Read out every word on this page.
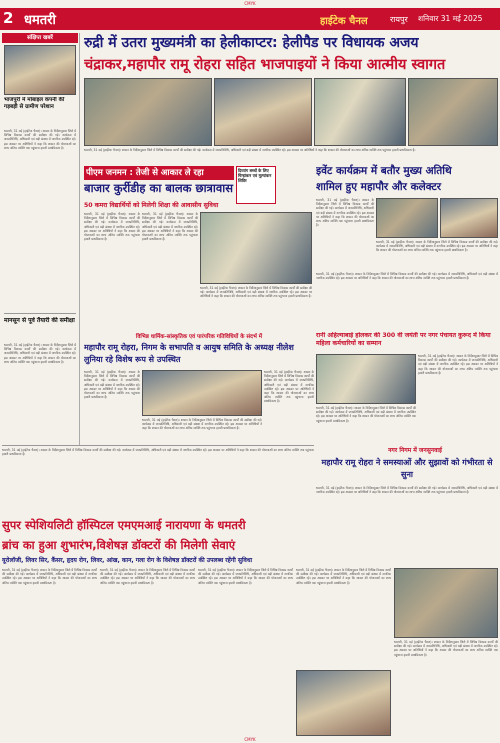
CMYK
2 धमतरी	हाईटेक चैनल	रायपुर	शनिवार 31 मई 2025
संक्षिप्त खबरें
भाजपुरी में मोबाइल कंपनी की गड़बड़ी से ग्रामीण परेशान
धमतरी, 31 मई (हाईटेक चैनल)। शासन के निर्देशानुसार जिले में विभिन्न विकास कार्यों की समीक्षा की गई। कार्यक्रम में जनप्रतिनिधि, अधिकारी एवं बड़ी संख्या में नागरिक उपस्थित रहे। इस अवसर पर अतिथियों ने कहा कि शासन की योजनाओं का लाभ अंतिम व्यक्ति तक पहुंचाना हमारी प्राथमिकता है।
मानसून से पूर्व तैयारी की समीक्षा
धमतरी, 31 मई (हाईटेक चैनल)। शासन के निर्देशानुसार जिले में विभिन्न विकास कार्यों की समीक्षा की गई। कार्यक्रम में जनप्रतिनिधि, अधिकारी एवं बड़ी संख्या में नागरिक उपस्थित रहे। इस अवसर पर अतिथियों ने कहा कि शासन की योजनाओं का लाभ अंतिम व्यक्ति तक पहुंचाना हमारी प्राथमिकता है।
रुद्री में उतरा मुख्यमंत्री का हेलीकाप्टर: हेलीपैड पर विधायक अजय
चंद्राकर,महापौर रामू रोहरा सहित भाजपाइयों ने किया आत्मीय स्वागत
धमतरी, 31 मई (हाईटेक चैनल)। शासन के निर्देशानुसार जिले में विभिन्न विकास कार्यों की समीक्षा की गई। कार्यक्रम में जनप्रतिनिधि, अधिकारी एवं बड़ी संख्या में नागरिक उपस्थित रहे। इस अवसर पर अतिथियों ने कहा कि शासन की योजनाओं का लाभ अंतिम व्यक्ति तक पहुंचाना हमारी प्राथमिकता है।
पीएम जनमन : तेजी से आकार ले रहा
बाजार कुर्रीडीह का बालक छात्रावास
50 कमरा विद्यार्थियों को मिलेगी शिक्षा की आवासीय सुविधा
धमतरी, 31 मई (हाईटेक चैनल)। शासन के निर्देशानुसार जिले में विभिन्न विकास कार्यों की समीक्षा की गई। कार्यक्रम में जनप्रतिनिधि, अधिकारी एवं बड़ी संख्या में नागरिक उपस्थित रहे। इस अवसर पर अतिथियों ने कहा कि शासन की योजनाओं का लाभ अंतिम व्यक्ति तक पहुंचाना हमारी प्राथमिकता है।
धमतरी, 31 मई (हाईटेक चैनल)। शासन के निर्देशानुसार जिले में विभिन्न विकास कार्यों की समीक्षा की गई। कार्यक्रम में जनप्रतिनिधि, अधिकारी एवं बड़ी संख्या में नागरिक उपस्थित रहे। इस अवसर पर अतिथियों ने कहा कि शासन की योजनाओं का लाभ अंतिम व्यक्ति तक पहुंचाना हमारी प्राथमिकता है।
धमतरी, 31 मई (हाईटेक चैनल)। शासन के निर्देशानुसार जिले में विभिन्न विकास कार्यों की समीक्षा की गई। कार्यक्रम में जनप्रतिनिधि, अधिकारी एवं बड़ी संख्या में नागरिक उपस्थित रहे। इस अवसर पर अतिथियों ने कहा कि शासन की योजनाओं का लाभ अंतिम व्यक्ति तक पहुंचाना हमारी प्राथमिकता है।
दिव्यांग बच्चों के लिए चिन्हांकन एवं मूल्यांकन शिविर
इवेंट कार्यक्रम में बतौर मुख्य अतिथि
शामिल हुए महापौर और कलेक्टर
धमतरी, 31 मई (हाईटेक चैनल)। शासन के निर्देशानुसार जिले में विभिन्न विकास कार्यों की समीक्षा की गई। कार्यक्रम में जनप्रतिनिधि, अधिकारी एवं बड़ी संख्या में नागरिक उपस्थित रहे। इस अवसर पर अतिथियों ने कहा कि शासन की योजनाओं का लाभ अंतिम व्यक्ति तक पहुंचाना हमारी प्राथमिकता है।
धमतरी, 31 मई (हाईटेक चैनल)। शासन के निर्देशानुसार जिले में विभिन्न विकास कार्यों की समीक्षा की गई। कार्यक्रम में जनप्रतिनिधि, अधिकारी एवं बड़ी संख्या में नागरिक उपस्थित रहे। इस अवसर पर अतिथियों ने कहा कि शासन की योजनाओं का लाभ अंतिम व्यक्ति तक पहुंचाना हमारी प्राथमिकता है।
धमतरी, 31 मई (हाईटेक चैनल)। शासन के निर्देशानुसार जिले में विभिन्न विकास कार्यों की समीक्षा की गई। कार्यक्रम में जनप्रतिनिधि, अधिकारी एवं बड़ी संख्या में नागरिक उपस्थित रहे। इस अवसर पर अतिथियों ने कहा कि शासन की योजनाओं का लाभ अंतिम व्यक्ति तक पहुंचाना हमारी प्राथमिकता है।
विभिन्न धार्मिक-सांस्कृतिक एवं पारंपरिक गतिविधियों के संदर्भ में
महापौर रामू रोहरा, निगम के सभापति व आयुष समिति के अध्यक्ष नीलेश लुनिया रहे विशेष रूप से उपस्थित
धमतरी, 31 मई (हाईटेक चैनल)। शासन के निर्देशानुसार जिले में विभिन्न विकास कार्यों की समीक्षा की गई। कार्यक्रम में जनप्रतिनिधि, अधिकारी एवं बड़ी संख्या में नागरिक उपस्थित रहे। इस अवसर पर अतिथियों ने कहा कि शासन की योजनाओं का लाभ अंतिम व्यक्ति तक पहुंचाना हमारी प्राथमिकता है।
धमतरी, 31 मई (हाईटेक चैनल)। शासन के निर्देशानुसार जिले में विभिन्न विकास कार्यों की समीक्षा की गई। कार्यक्रम में जनप्रतिनिधि, अधिकारी एवं बड़ी संख्या में नागरिक उपस्थित रहे। इस अवसर पर अतिथियों ने कहा कि शासन की योजनाओं का लाभ अंतिम व्यक्ति तक पहुंचाना हमारी प्राथमिकता है।
धमतरी, 31 मई (हाईटेक चैनल)। शासन के निर्देशानुसार जिले में विभिन्न विकास कार्यों की समीक्षा की गई। कार्यक्रम में जनप्रतिनिधि, अधिकारी एवं बड़ी संख्या में नागरिक उपस्थित रहे। इस अवसर पर अतिथियों ने कहा कि शासन की योजनाओं का लाभ अंतिम व्यक्ति तक पहुंचाना हमारी प्राथमिकता है।
रानी अहिल्याबाई होलकर की 300 वी जयंती पर नगर पंचायत कुरूद में किया महिला कर्मचारियों का सम्मान
धमतरी, 31 मई (हाईटेक चैनल)। शासन के निर्देशानुसार जिले में विभिन्न विकास कार्यों की समीक्षा की गई। कार्यक्रम में जनप्रतिनिधि, अधिकारी एवं बड़ी संख्या में नागरिक उपस्थित रहे। इस अवसर पर अतिथियों ने कहा कि शासन की योजनाओं का लाभ अंतिम व्यक्ति तक पहुंचाना हमारी प्राथमिकता है।
धमतरी, 31 मई (हाईटेक चैनल)। शासन के निर्देशानुसार जिले में विभिन्न विकास कार्यों की समीक्षा की गई। कार्यक्रम में जनप्रतिनिधि, अधिकारी एवं बड़ी संख्या में नागरिक उपस्थित रहे। इस अवसर पर अतिथियों ने कहा कि शासन की योजनाओं का लाभ अंतिम व्यक्ति तक पहुंचाना हमारी प्राथमिकता है।
नगर निगम में जनसुनवाई
महापौर रामू रोहरा ने समस्याओं और सुझावों को गंभीरता से सुना
सुपर स्पेशियलिटी हॉस्पिटल एमएमआई नारायणा के धमतरी
ब्रांच का हुआ शुभारंभ,विशेषज्ञ डॉक्टरों की मिलेगी सेवाएं
यूरोलॉजी, लिवर सिर, कैंसर, हृदय रोग, लिवर, आंख, कान, गला रोग के विशेषज्ञ डॉक्टरों की उपलब्ध रहेंगी सुविधा
धमतरी, 31 मई (हाईटेक चैनल)। शासन के निर्देशानुसार जिले में विभिन्न विकास कार्यों की समीक्षा की गई। कार्यक्रम में जनप्रतिनिधि, अधिकारी एवं बड़ी संख्या में नागरिक उपस्थित रहे। इस अवसर पर अतिथियों ने कहा कि शासन की योजनाओं का लाभ अंतिम व्यक्ति तक पहुंचाना हमारी प्राथमिकता है।
धमतरी, 31 मई (हाईटेक चैनल)। शासन के निर्देशानुसार जिले में विभिन्न विकास कार्यों की समीक्षा की गई। कार्यक्रम में जनप्रतिनिधि, अधिकारी एवं बड़ी संख्या में नागरिक उपस्थित रहे। इस अवसर पर अतिथियों ने कहा कि शासन की योजनाओं का लाभ अंतिम व्यक्ति तक पहुंचाना हमारी प्राथमिकता है।
धमतरी, 31 मई (हाईटेक चैनल)। शासन के निर्देशानुसार जिले में विभिन्न विकास कार्यों की समीक्षा की गई। कार्यक्रम में जनप्रतिनिधि, अधिकारी एवं बड़ी संख्या में नागरिक उपस्थित रहे। इस अवसर पर अतिथियों ने कहा कि शासन की योजनाओं का लाभ अंतिम व्यक्ति तक पहुंचाना हमारी प्राथमिकता है।
धमतरी, 31 मई (हाईटेक चैनल)। शासन के निर्देशानुसार जिले में विभिन्न विकास कार्यों की समीक्षा की गई। कार्यक्रम में जनप्रतिनिधि, अधिकारी एवं बड़ी संख्या में नागरिक उपस्थित रहे। इस अवसर पर अतिथियों ने कहा कि शासन की योजनाओं का लाभ अंतिम व्यक्ति तक पहुंचाना हमारी प्राथमिकता है।
धमतरी, 31 मई (हाईटेक चैनल)। शासन के निर्देशानुसार जिले में विभिन्न विकास कार्यों की समीक्षा की गई। कार्यक्रम में जनप्रतिनिधि, अधिकारी एवं बड़ी संख्या में नागरिक उपस्थित रहे। इस अवसर पर अतिथियों ने कहा कि शासन की योजनाओं का लाभ अंतिम व्यक्ति तक पहुंचाना हमारी प्राथमिकता है।
धमतरी, 31 मई (हाईटेक चैनल)। शासन के निर्देशानुसार जिले में विभिन्न विकास कार्यों की समीक्षा की गई। कार्यक्रम में जनप्रतिनिधि, अधिकारी एवं बड़ी संख्या में नागरिक उपस्थित रहे। इस अवसर पर अतिथियों ने कहा कि शासन की योजनाओं का लाभ अंतिम व्यक्ति तक पहुंचाना हमारी प्राथमिकता है।
धमतरी, 31 मई (हाईटेक चैनल)। शासन के निर्देशानुसार जिले में विभिन्न विकास कार्यों की समीक्षा की गई। कार्यक्रम में जनप्रतिनिधि, अधिकारी एवं बड़ी संख्या में नागरिक उपस्थित रहे। इस अवसर पर अतिथियों ने कहा कि शासन की योजनाओं का लाभ अंतिम व्यक्ति तक पहुंचाना हमारी प्राथमिकता है।
CMYK
